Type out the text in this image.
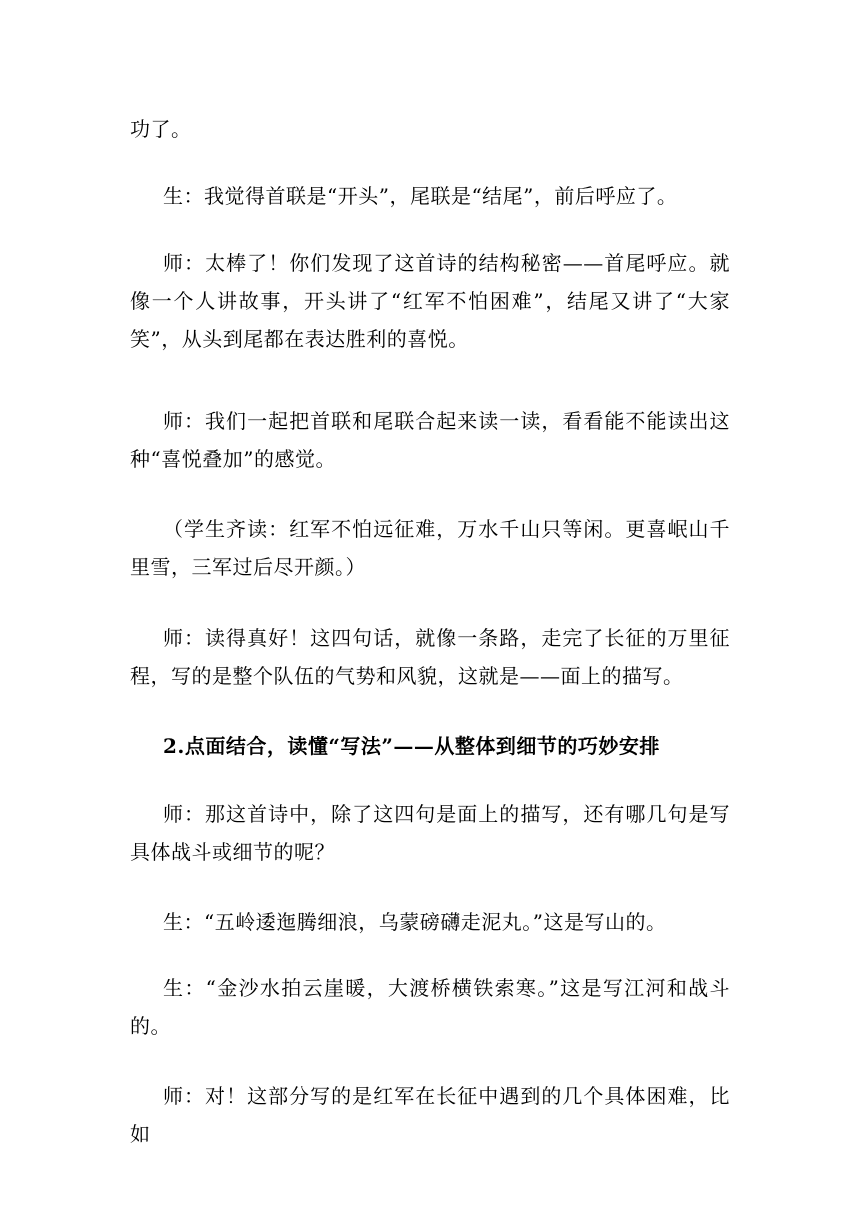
功了。

生：我觉得首联是“开头”，尾联是“结尾”，前后呼应了。

师：太棒了！你们发现了这首诗的结构秘密——首尾呼应。就像一个人讲故事，开头讲了“红军不怕困难”，结尾又讲了“大家笑”，从头到尾都在表达胜利的喜悦。

师：我们一起把首联和尾联合起来读一读，看看能不能读出这种“喜悦叠加”的感觉。

（学生齐读：红军不怕远征难，万水千山只等闲。更喜岷山千里雪，三军过后尽开颜。）

师：读得真好！这四句话，就像一条路，走完了长征的万里征程，写的是整个队伍的气势和风貌，这就是——面上的描写。

2.点面结合，读懂“写法”——从整体到细节的巧妙安排

师：那这首诗中，除了这四句是面上的描写，还有哪几句是写具体战斗或细节的呢？

生：“五岭逶迤腾细浪，乌蒙磅礴走泥丸。”这是写山的。

生：“金沙水拍云崖暖，大渡桥横铁索寒。”这是写江河和战斗的。

师：对！这部分写的是红军在长征中遇到的几个具体困难，比如
